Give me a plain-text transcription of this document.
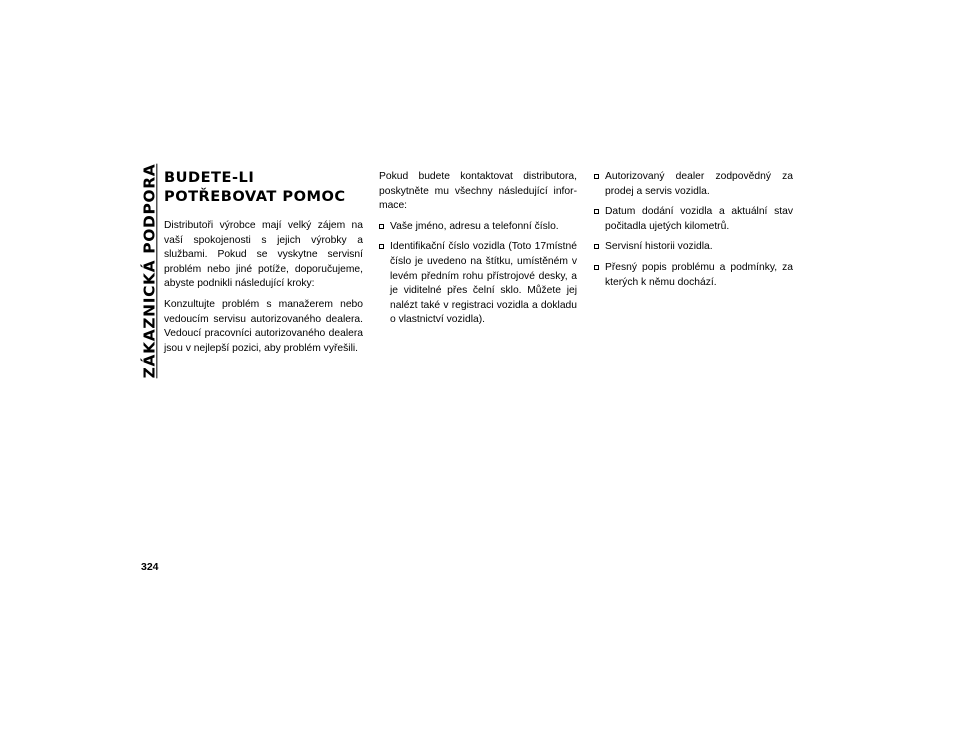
ZÁKAZNICKÁ PODPORA BUDETE-LI POTŘEBOVAT POMOC

Distributoři výrobce mají velký zájem na vaší spokojenosti s jejich výrobky a službami. Pokud se vyskytne servisní problém nebo jiné potíže, doporučujeme, abyste podnikli následující kroky:

Konzultujte problém s manažerem nebo vedoucím servisu autorizovaného dealera. Vedoucí pracovníci autorizovaného dealera jsou v nejlepší pozici, aby problém vyřešili.

Pokud budete kontaktovat distributora, poskytněte mu všechny následující infor-mace:

Vaše jméno, adresu a telefonní číslo.
Identifikační číslo vozidla (Toto 17místné číslo je uvedeno na štítku, umístěném v levém předním rohu přístrojové desky, a je viditelné přes čelní sklo. Můžete jej nalézt také v registraci vozidla a dokladu o vlastnictví vozidla).
Autorizovaný dealer zodpovědný za prodej a servis vozidla.
Datum dodání vozidla a aktuální stav počitadla ujetých kilometrů.
Servisní historii vozidla.
Přesný popis problému a podmínky, za kterých k němu dochází.
324
